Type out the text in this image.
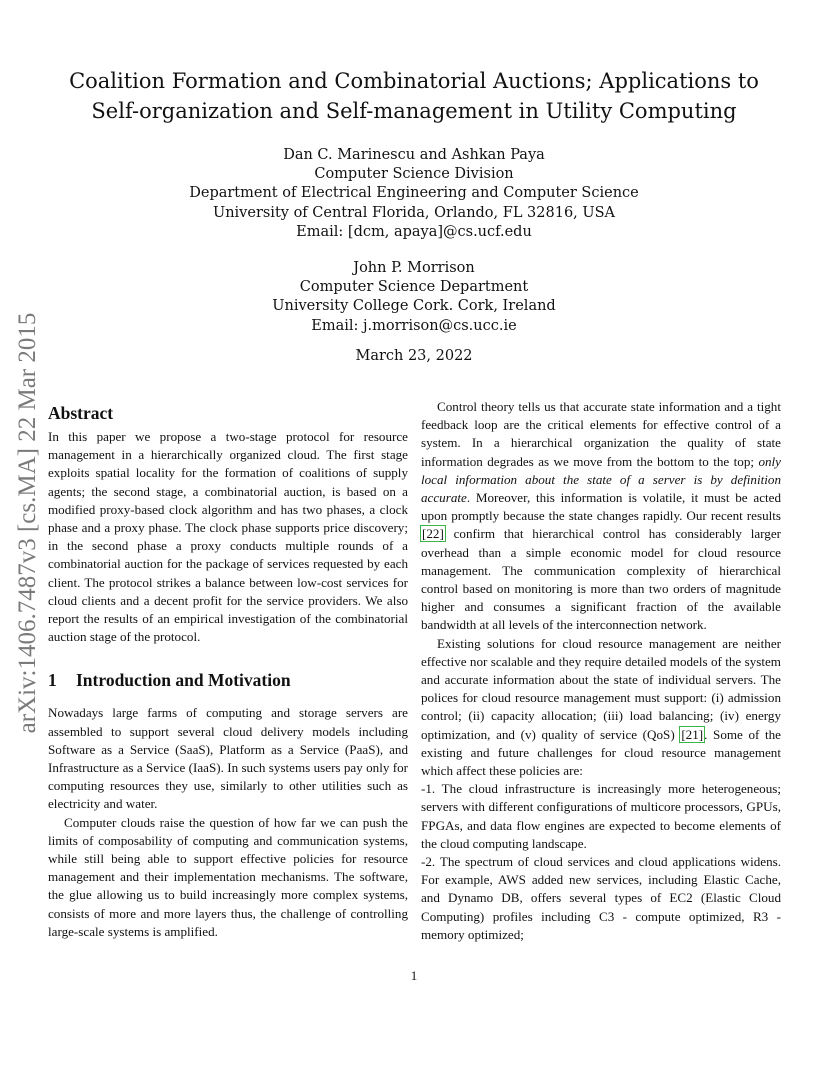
Coalition Formation and Combinatorial Auctions; Applications to
Self-organization and Self-management in Utility Computing
Dan C. Marinescu and Ashkan Paya
Computer Science Division
Department of Electrical Engineering and Computer Science
University of Central Florida, Orlando, FL 32816, USA
Email: [dcm, apaya]@cs.ucf.edu
John P. Morrison
Computer Science Department
University College Cork. Cork, Ireland
Email: j.morrison@cs.ucc.ie
March 23, 2022
arXiv:1406.7487v3 [cs.MA] 22 Mar 2015 Abstract

In this paper we propose a two-stage protocol for resource management in a hierarchically organized cloud. The first stage exploits spatial locality for the formation of coalitions of supply agents; the second stage, a combinatorial auction, is based on a modified proxy-based clock algorithm and has two phases, a clock phase and a proxy phase. The clock phase supports price discovery; in the second phase a proxy conducts multiple rounds of a combinatorial auction for the package of services requested by each client. The protocol strikes a balance between low-cost services for cloud clients and a decent profit for the service providers. We also report the results of an empirical investigation of the combinatorial auction stage of the protocol.

1 Introduction and Motivation

Nowadays large farms of computing and storage servers are assembled to support several cloud delivery models including Software as a Service (SaaS), Platform as a Service (PaaS), and Infrastructure as a Service (IaaS). In such systems users pay only for computing resources they use, similarly to other utilities such as electricity and water.

Computer clouds raise the question of how far we can push the limits of composability of computing and communication systems, while still being able to support effective policies for resource management and their implementation mechanisms. The software, the glue allowing us to build increasingly more complex systems, consists of more and more layers thus, the challenge of controlling large-scale systems is amplified.

Control theory tells us that accurate state information and a tight feedback loop are the critical elements for effective control of a system. In a hierarchical organization the quality of state information degrades as we move from the bottom to the top; only local information about the state of a server is by definition accurate. Moreover, this information is volatile, it must be acted upon promptly because the state changes rapidly. Our recent results [22] confirm that hierarchical control has considerably larger overhead than a simple economic model for cloud resource management. The communication complexity of hierarchical control based on monitoring is more than two orders of magnitude higher and consumes a significant fraction of the available bandwidth at all levels of the interconnection network.

Existing solutions for cloud resource management are neither effective nor scalable and they require detailed models of the system and accurate information about the state of individual servers. The polices for cloud resource management must support: (i) admission control; (ii) capacity allocation; (iii) load balancing; (iv) energy optimization, and (v) quality of service (QoS) [21]. Some of the existing and future challenges for cloud resource management which affect these policies are:

-1. The cloud infrastructure is increasingly more heterogeneous; servers with different configurations of multicore processors, GPUs, FPGAs, and data flow engines are expected to become elements of the cloud computing landscape.

-2. The spectrum of cloud services and cloud applications widens. For example, AWS added new services, including Elastic Cache, and Dynamo DB, offers several types of EC2 (Elastic Cloud Computing) profiles including C3 - compute optimized, R3 - memory optimized;

1
